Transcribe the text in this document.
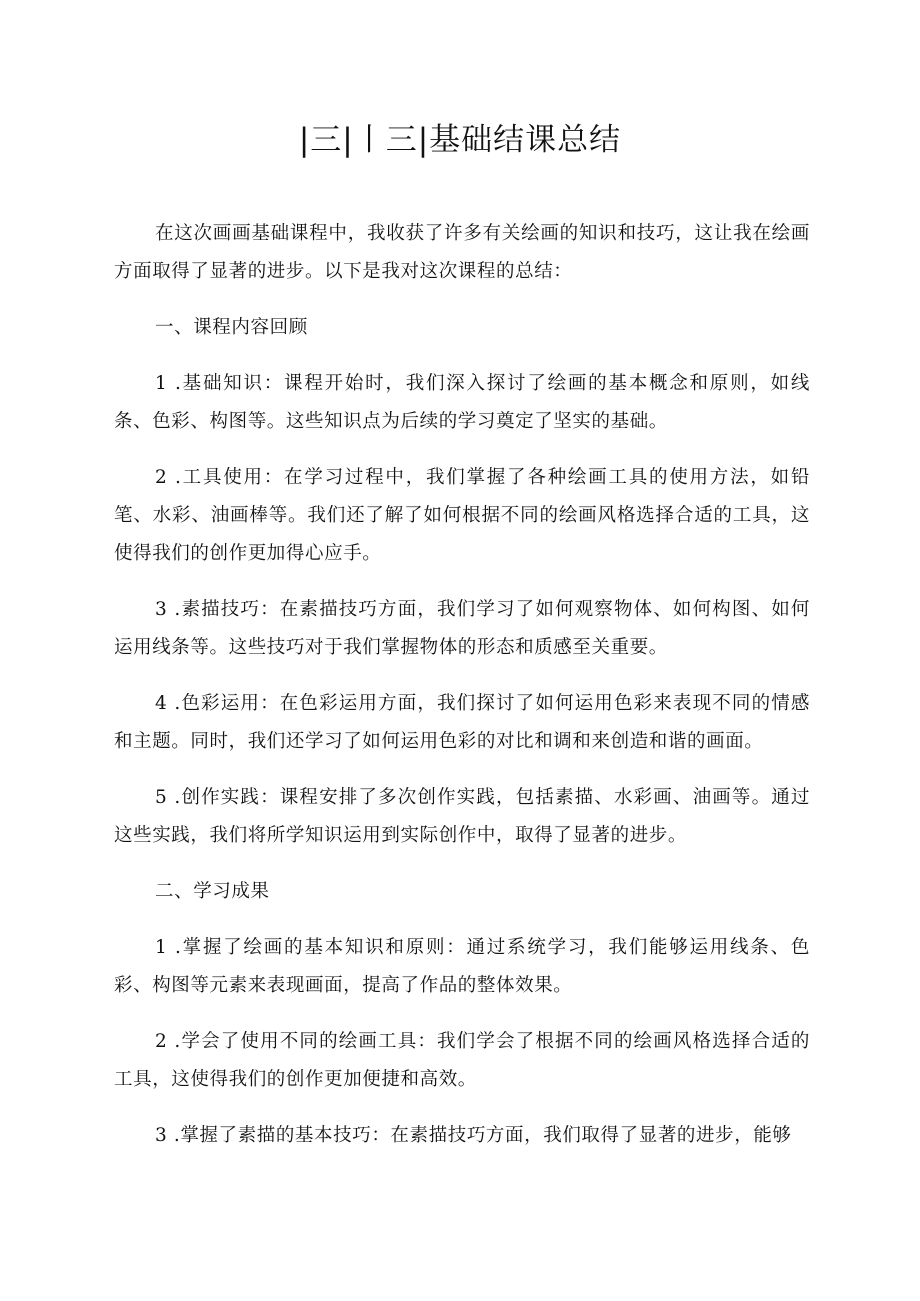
|三|丨三|基础结课总结

在这次画画基础课程中，我收获了许多有关绘画的知识和技巧，这让我在绘画方面取得了显著的进步。以下是我对这次课程的总结：

一、课程内容回顾

1 .基础知识：课程开始时，我们深入探讨了绘画的基本概念和原则，如线条、色彩、构图等。这些知识点为后续的学习奠定了坚实的基础。

2 .工具使用：在学习过程中，我们掌握了各种绘画工具的使用方法，如铅笔、水彩、油画棒等。我们还了解了如何根据不同的绘画风格选择合适的工具，这使得我们的创作更加得心应手。

3 .素描技巧：在素描技巧方面，我们学习了如何观察物体、如何构图、如何运用线条等。这些技巧对于我们掌握物体的形态和质感至关重要。

4 .色彩运用：在色彩运用方面，我们探讨了如何运用色彩来表现不同的情感和主题。同时，我们还学习了如何运用色彩的对比和调和来创造和谐的画面。

5 .创作实践：课程安排了多次创作实践，包括素描、水彩画、油画等。通过这些实践，我们将所学知识运用到实际创作中，取得了显著的进步。

二、学习成果

1 .掌握了绘画的基本知识和原则：通过系统学习，我们能够运用线条、色彩、构图等元素来表现画面，提高了作品的整体效果。

2 .学会了使用不同的绘画工具：我们学会了根据不同的绘画风格选择合适的工具，这使得我们的创作更加便捷和高效。

3 .掌握了素描的基本技巧：在素描技巧方面，我们取得了显著的进步，能够
